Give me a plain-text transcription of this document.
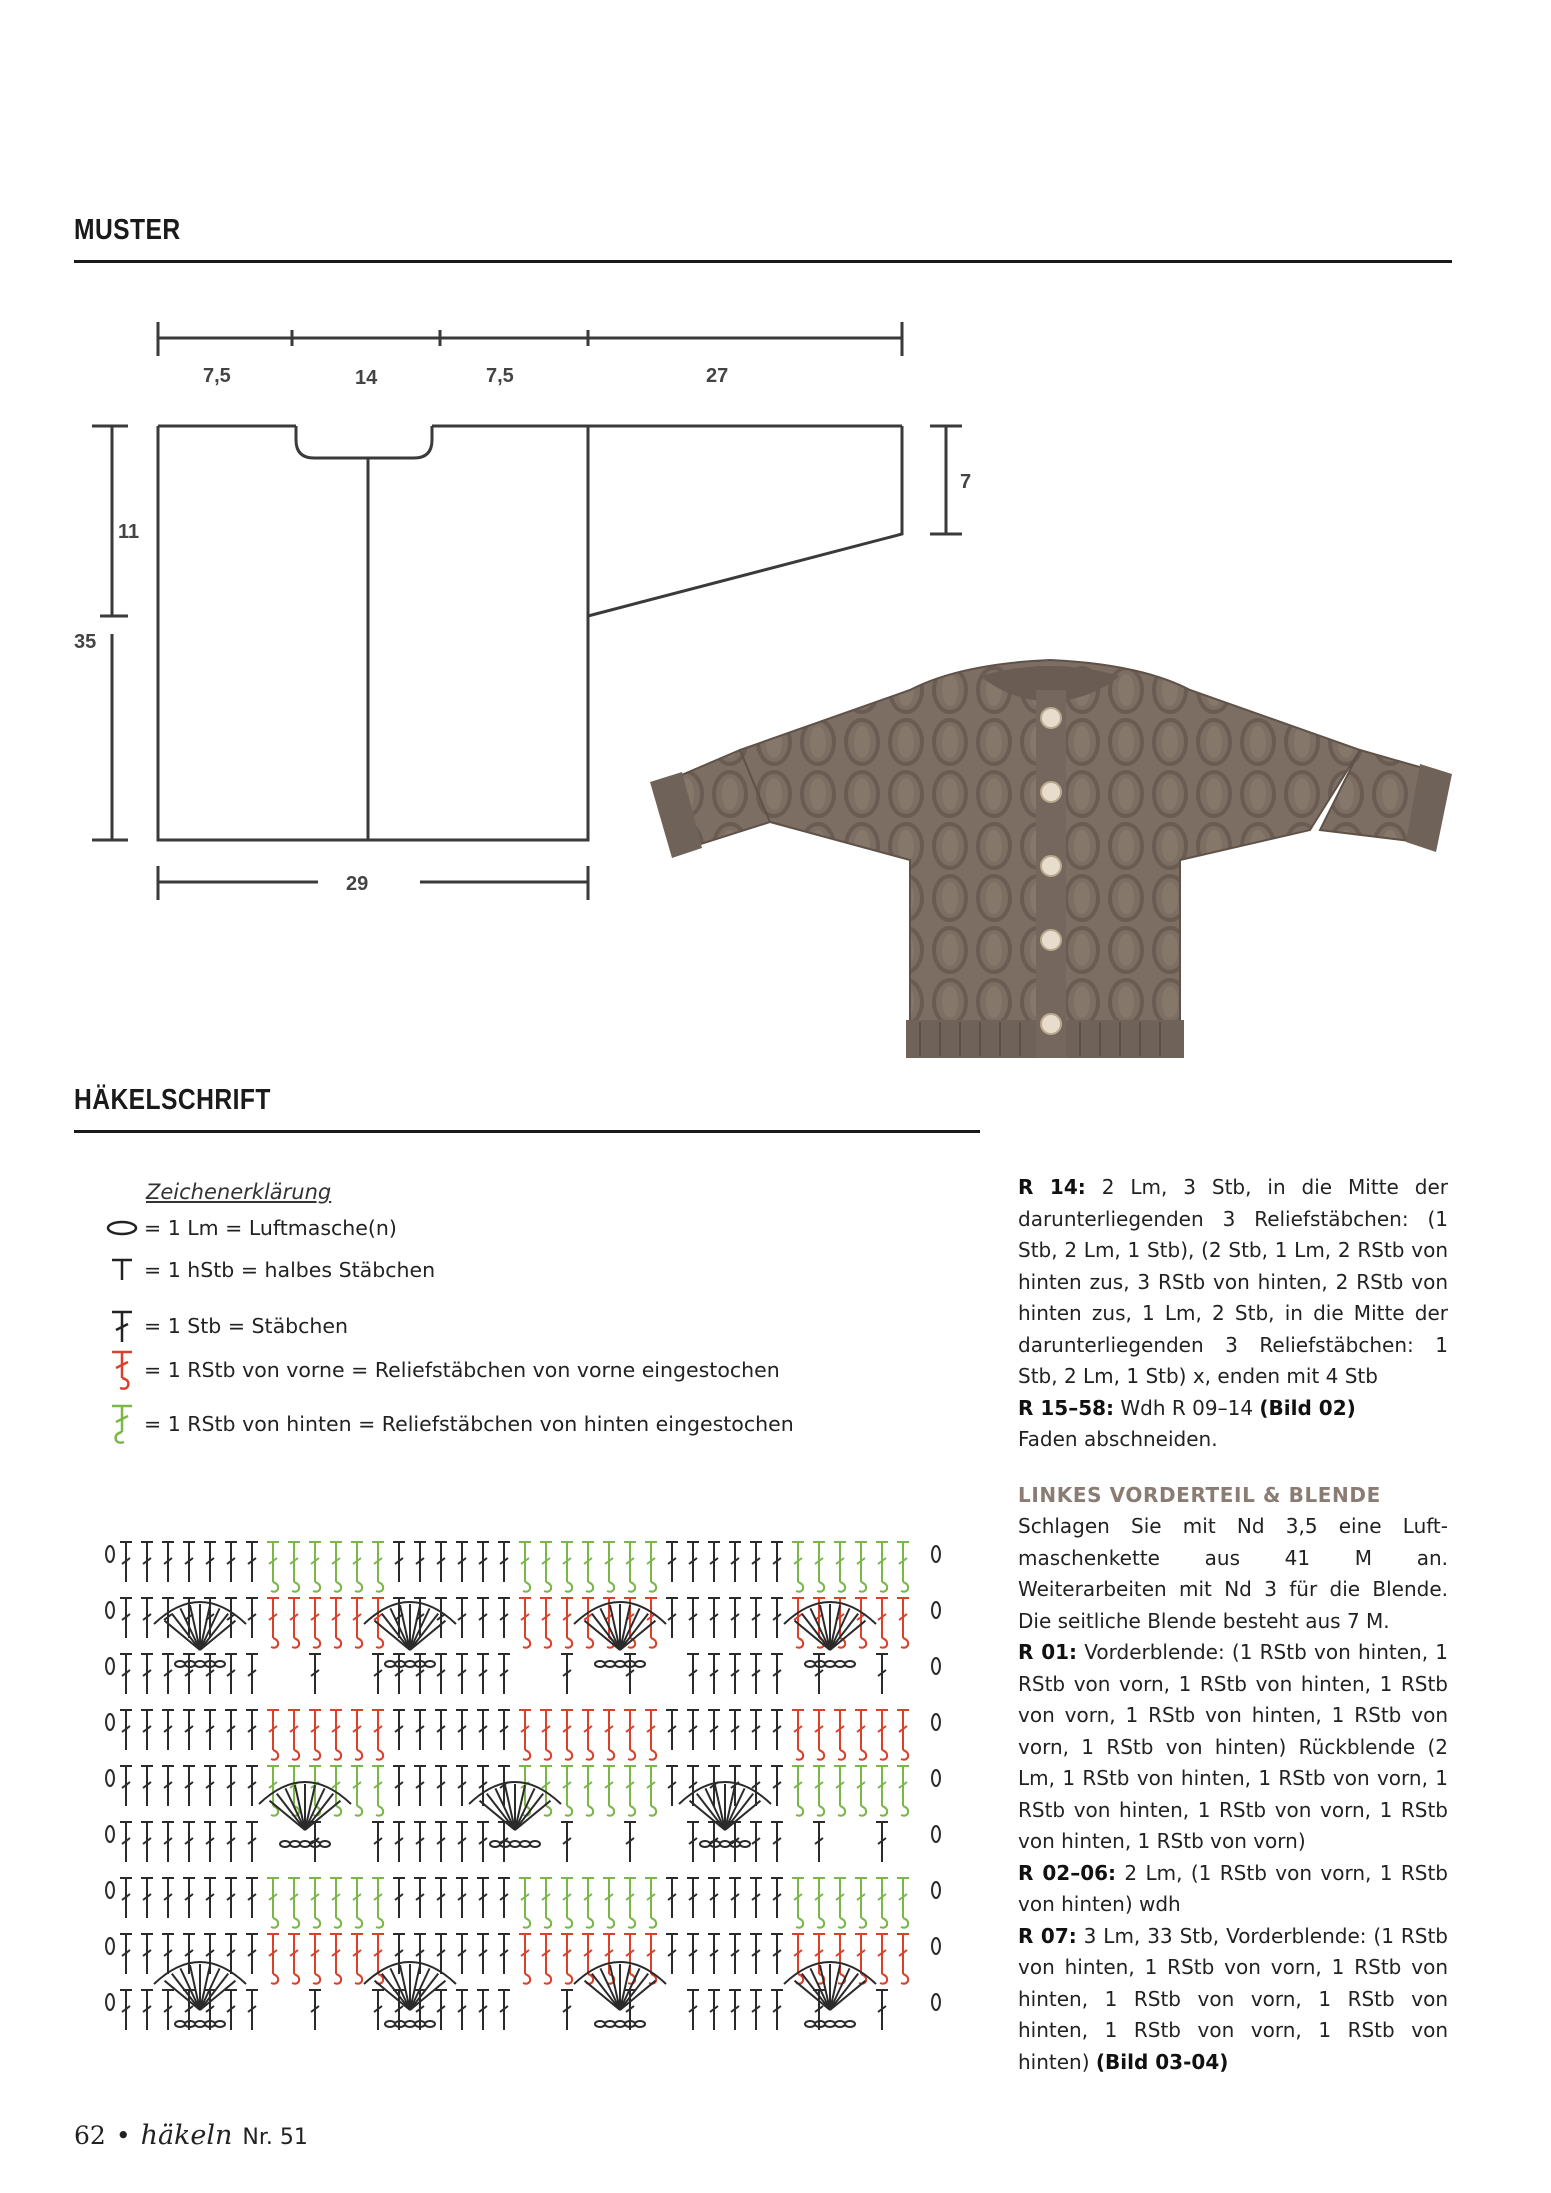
MUSTER
7,5	14	7,5	27
7
11
35
29
HÄKELSCHRIFT
Zeichenerklärung
= 1 Lm = Luftmasche(n)
= 1 hStb = halbes Stäbchen
= 1 Stb = Stäbchen
= 1 RStb von vorne = Reliefstäbchen von vorne eingestochen
= 1 RStb von hinten = Reliefstäbchen von hinten eingestochen

R 14: 2 Lm, 3 Stb, in die Mitte der darunterliegenden 3 Reliefstäbchen: (1 Stb, 2 Lm, 1 Stb), (2 Stb, 1 Lm, 2 RStb von hinten zus, 3 RStb von hinten, 2 RStb von hinten zus, 1 Lm, 2 Stb, in die Mitte der darunterliegenden 3 Reliefstäbchen: 1 Stb, 2 Lm, 1 Stb) x, enden mit 4 Stb

R 15–58: Wdh R 09–14 (Bild 02)

Faden abschneiden.

LINKES VORDERTEIL & BLENDE

Schlagen Sie mit Nd 3,5 eine Luftmaschenkette aus 41 M an. Weiterarbeiten mit Nd 3 für die Blende. Die seitliche Blende besteht aus 7 M.

R 01: Vorderblende: (1 RStb von hinten, 1 RStb von vorn, 1 RStb von hinten, 1 RStb von vorn, 1 RStb von hinten, 1 RStb von vorn, 1 RStb von hinten) Rückblende (2 Lm, 1 RStb von hinten, 1 RStb von vorn, 1 RStb von hinten, 1 RStb von vorn, 1 RStb von hinten, 1 RStb von vorn)

R 02–06: 2 Lm, (1 RStb von vorn, 1 RStb von hinten) wdh

R 07: 3 Lm, 33 Stb, Vorderblende: (1 RStb von hinten, 1 RStb von vorn, 1 RStb von hinten, 1 RStb von vorn, 1 RStb von hinten, 1 RStb von vorn, 1 RStb von hinten) (Bild 03-04)

62 • häkeln Nr. 51
